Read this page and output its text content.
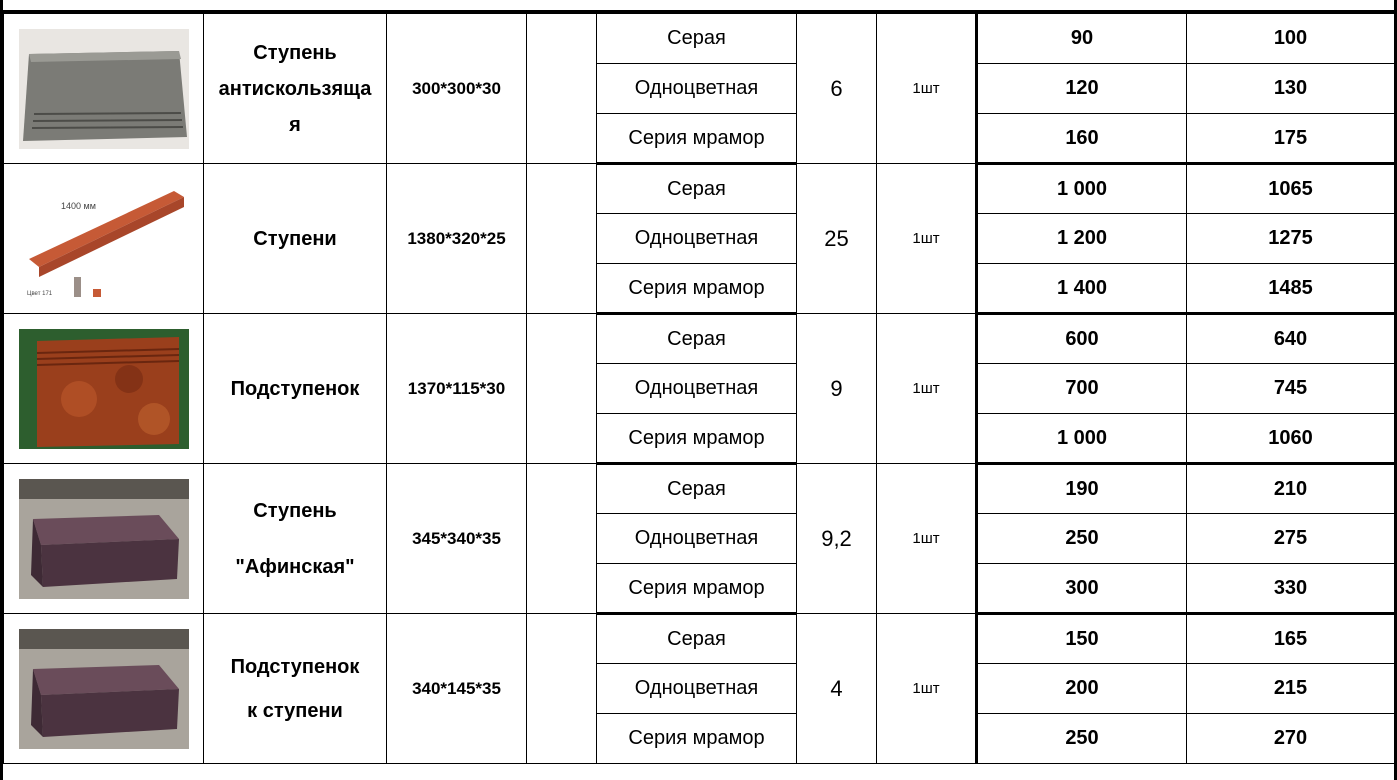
Ступень
антискользяща
я	300*300*30		Серая	6	1шт	90	100
				Одноцветная			120	130
				Серия мрамор			160	175

1400 мм
Цвет 171	Ступени	1380*320*25		Серая	25	1шт	1 000	1065
				Одноцветная			1 200	1275
				Серия мрамор			1 400	1485

Подступенок	1370*115*30		Серая	9	1шт	600	640
				Одноцветная			700	745
				Серия мрамор			1 000	1060

Ступень
"Афинская"	345*340*35		Серая	9,2	1шт	190	210
				Одноцветная			250	275
				Серия мрамор			300	330

Подступенок
к ступени	340*145*35		Серая	4	1шт	150	165
				Одноцветная			200	215
				Серия мрамор			250	270
